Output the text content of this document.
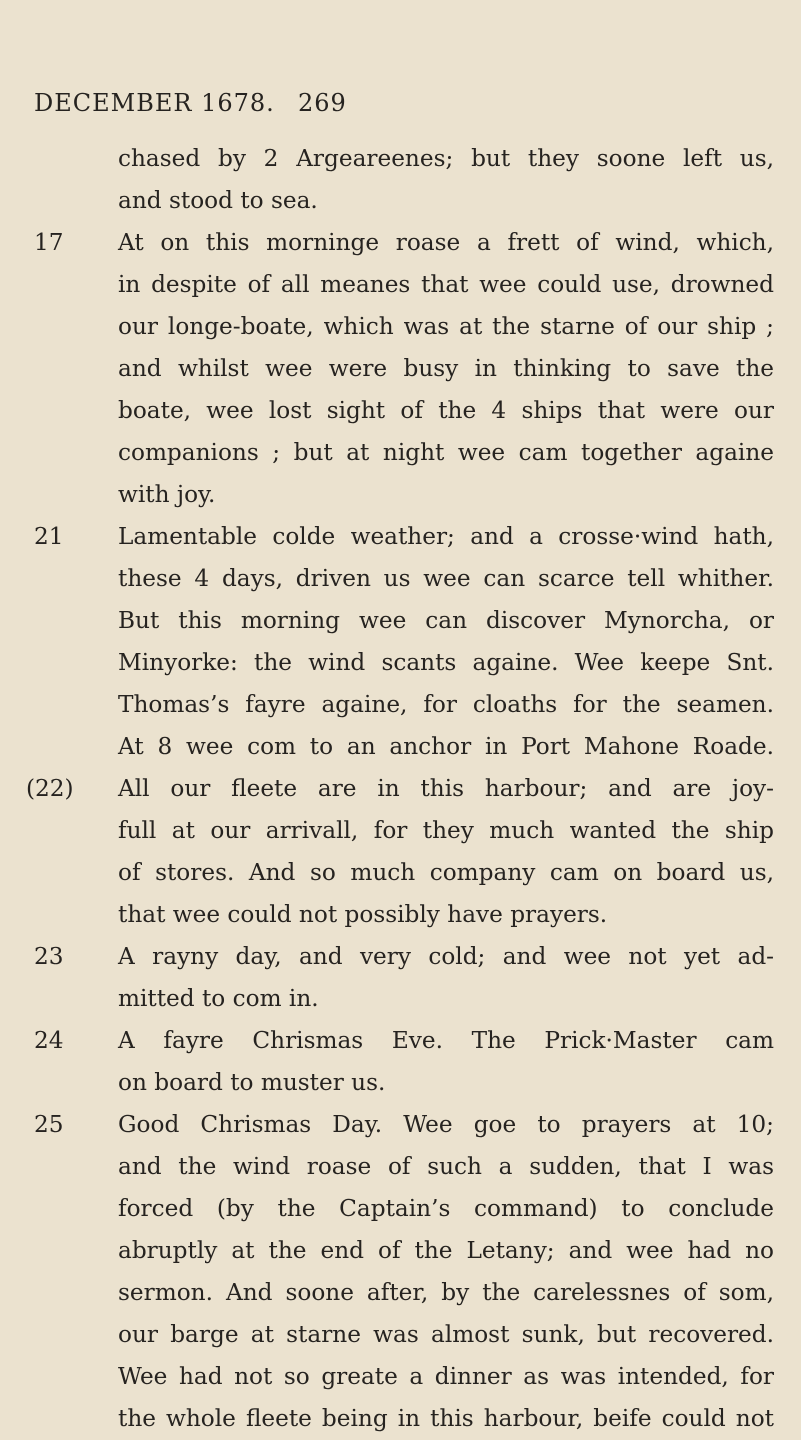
DECEMBER 1678. 269
chased by 2 Argeareenes; but they soone left us,
and stood to sea.
17	At on this morninge roase a frett of wind, which,
in despite of all meanes that wee could use, drowned
our longe-boate, which was at the starne of our ship ;
and whilst wee were busy in thinking to save the
boate, wee lost sight of the 4 ships that were our
companions ; but at night wee cam together againe
with joy.
21	Lamentable colde weather; and a crosse·wind hath,
these 4 days, driven us wee can scarce tell whither.
But this morning wee can discover Mynorcha, or
Minyorke: the wind scants againe. Wee keepe Snt.
Thomas’s fayre againe, for cloaths for the seamen.
At 8 wee com to an anchor in Port Mahone Roade.
(22)	All our fleete are in this harbour; and are joy-
full at our arrivall, for they much wanted the ship
of stores. And so much company cam on board us,
that wee could not possibly have prayers.
23	A rayny day, and very cold; and wee not yet ad-
mitted to com in.
24	A fayre Chrismas Eve. The Prick·Master cam
on board to muster us.
25	Good Chrismas Day. Wee goe to prayers at 10;
and the wind roase of such a sudden, that I was
forced (by the Captain’s command) to conclude
abruptly at the end of the Letany; and wee had no
sermon. And soone after, by the carelessnes of som,
our barge at starne was almost sunk, but recovered.
Wee had not so greate a dinner as was intended, for
the whole fleete being in this harbour, beife could not
